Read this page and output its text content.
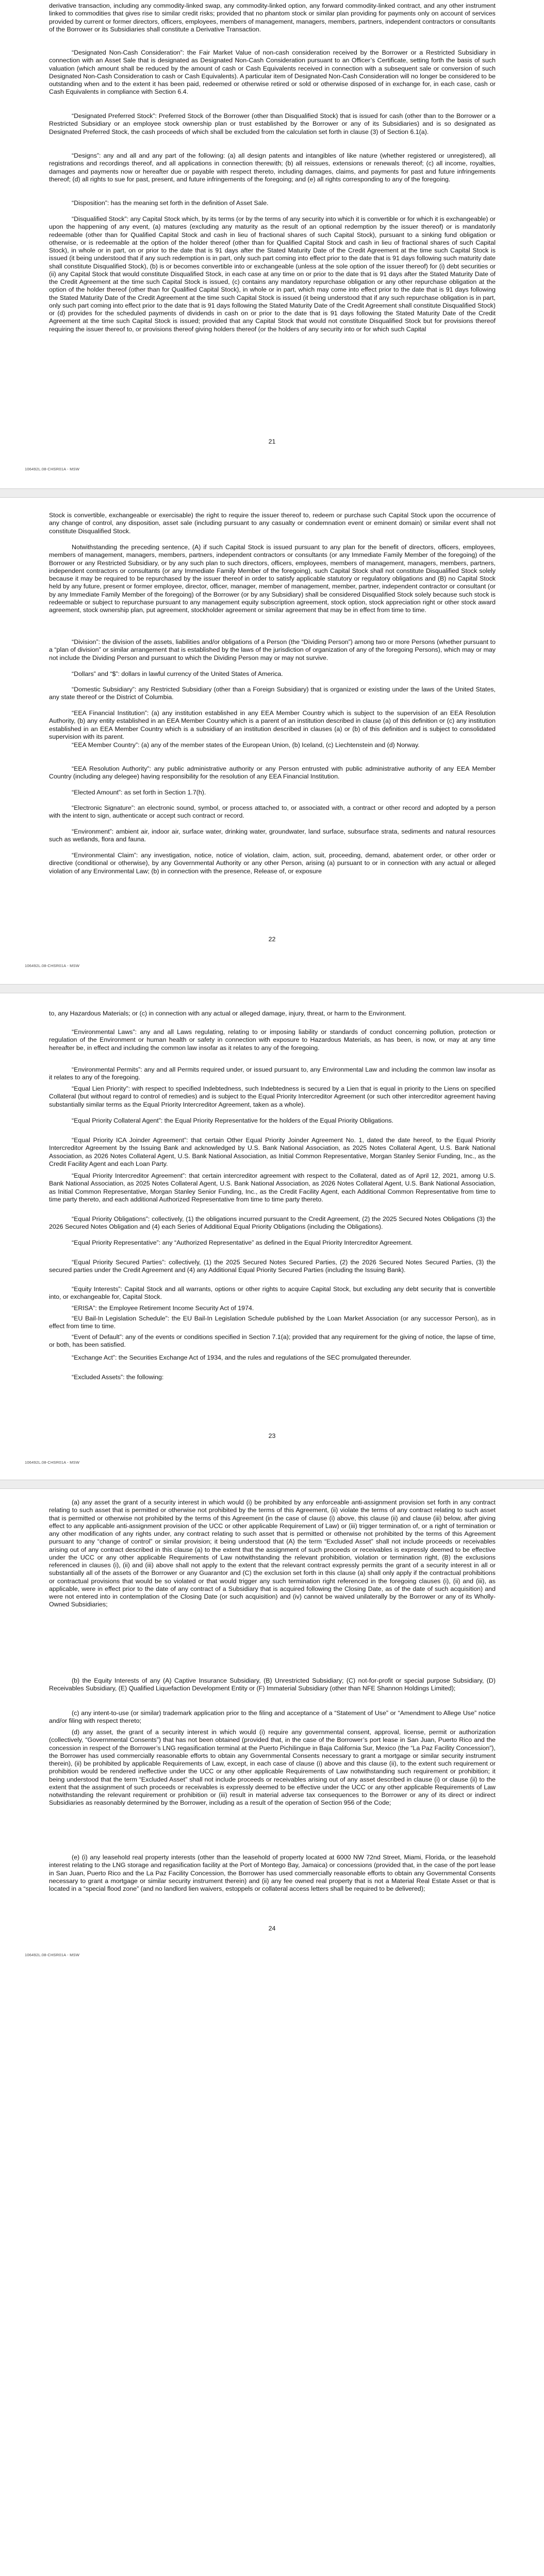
derivative transaction, including any commodity-linked swap, any commodity-linked option, any forward commodity-linked contract, and any other instrument linked to commodities that gives rise to similar credit risks; provided that no phantom stock or similar plan providing for payments only on account of services provided by current or former directors, officers, employees, members of management, managers, members, partners, independent contractors or consultants of the Borrower or its Subsidiaries shall constitute a Derivative Transaction.

“Designated Non-Cash Consideration”: the Fair Market Value of non-cash consideration received by the Borrower or a Restricted Subsidiary in connection with an Asset Sale that is designated as Designated Non-Cash Consideration pursuant to an Officer’s Certificate, setting forth the basis of such valuation (which amount shall be reduced by the amount of cash or Cash Equivalents received in connection with a subsequent sale or conversion of such Designated Non-Cash Consideration to cash or Cash Equivalents). A particular item of Designated Non-Cash Consideration will no longer be considered to be outstanding when and to the extent it has been paid, redeemed or otherwise retired or sold or otherwise disposed of in exchange for, in each case, cash or Cash Equivalents in compliance with Section 6.4.

“Designated Preferred Stock”: Preferred Stock of the Borrower (other than Disqualified Stock) that is issued for cash (other than to the Borrower or a Restricted Subsidiary or an employee stock ownership plan or trust established by the Borrower or any of its Subsidiaries) and is so designated as Designated Preferred Stock, the cash proceeds of which shall be excluded from the calculation set forth in clause (3) of Section 6.1(a).

“Designs”: any and all and any part of the following: (a) all design patents and intangibles of like nature (whether registered or unregistered), all registrations and recordings thereof, and all applications in connection therewith; (b) all reissues, extensions or renewals thereof; (c) all income, royalties, damages and payments now or hereafter due or payable with respect thereto, including damages, claims, and payments for past and future infringements thereof; (d) all rights to sue for past, present, and future infringements of the foregoing; and (e) all rights corresponding to any of the foregoing.

“Disposition”: has the meaning set forth in the definition of Asset Sale.

“Disqualified Stock”: any Capital Stock which, by its terms (or by the terms of any security into which it is convertible or for which it is exchangeable) or upon the happening of any event, (a) matures (excluding any maturity as the result of an optional redemption by the issuer thereof) or is mandatorily redeemable (other than for Qualified Capital Stock and cash in lieu of fractional shares of such Capital Stock), pursuant to a sinking fund obligation or otherwise, or is redeemable at the option of the holder thereof (other than for Qualified Capital Stock and cash in lieu of fractional shares of such Capital Stock), in whole or in part, on or prior to the date that is 91 days after the Stated Maturity Date of the Credit Agreement at the time such Capital Stock is issued (it being understood that if any such redemption is in part, only such part coming into effect prior to the date that is 91 days following such maturity date shall constitute Disqualified Stock), (b) is or becomes convertible into or exchangeable (unless at the sole option of the issuer thereof) for (i) debt securities or (ii) any Capital Stock that would constitute Disqualified Stock, in each case at any time on or prior to the date that is 91 days after the Stated Maturity Date of the Credit Agreement at the time such Capital Stock is issued, (c) contains any mandatory repurchase obligation or any other repurchase obligation at the option of the holder thereof (other than for Qualified Capital Stock), in whole or in part, which may come into effect prior to the date that is 91 days following the Stated Maturity Date of the Credit Agreement at the time such Capital Stock is issued (it being understood that if any such repurchase obligation is in part, only such part coming into effect prior to the date that is 91 days following the Stated Maturity Date of the Credit Agreement shall constitute Disqualified Stock) or (d) provides for the scheduled payments of dividends in cash on or prior to the date that is 91 days following the Stated Maturity Date of the Credit Agreement at the time such Capital Stock is issued; provided that any Capital Stock that would not constitute Disqualified Stock but for provisions thereof requiring the issuer thereof to, or provisions thereof giving holders thereof (or the holders of any security into or for which such Capital

21
106492L.08-CHSR01A - MSW

Stock is convertible, exchangeable or exercisable) the right to require the issuer thereof to, redeem or purchase such Capital Stock upon the occurrence of any change of control, any disposition, asset sale (including pursuant to any casualty or condemnation event or eminent domain) or similar event shall not constitute Disqualified Stock.

Notwithstanding the preceding sentence, (A) if such Capital Stock is issued pursuant to any plan for the benefit of directors, officers, employees, members of management, managers, members, partners, independent contractors or consultants (or any Immediate Family Member of the foregoing) of the Borrower or any Restricted Subsidiary, or by any such plan to such directors, officers, employees, members of management, managers, members, partners, independent contractors or consultants (or any Immediate Family Member of the foregoing), such Capital Stock shall not constitute Disqualified Stock solely because it may be required to be repurchased by the issuer thereof in order to satisfy applicable statutory or regulatory obligations and (B) no Capital Stock held by any future, present or former employee, director, officer, manager, member of management, member, partner, independent contractor or consultant (or by any Immediate Family Member of the foregoing) of the Borrower (or by any Subsidiary) shall be considered Disqualified Stock solely because such stock is redeemable or subject to repurchase pursuant to any management equity subscription agreement, stock option, stock appreciation right or other stock award agreement, stock ownership plan, put agreement, stockholder agreement or similar agreement that may be in effect from time to time.

“Division”: the division of the assets, liabilities and/or obligations of a Person (the “Dividing Person”) among two or more Persons (whether pursuant to a “plan of division” or similar arrangement that is established by the laws of the jurisdiction of organization of any of the foregoing Persons), which may or may not include the Dividing Person and pursuant to which the Dividing Person may or may not survive.

“Dollars” and “$”: dollars in lawful currency of the United States of America.

“Domestic Subsidiary”: any Restricted Subsidiary (other than a Foreign Subsidiary) that is organized or existing under the laws of the United States, any state thereof or the District of Columbia.

“EEA Financial Institution”: (a) any institution established in any EEA Member Country which is subject to the supervision of an EEA Resolution Authority, (b) any entity established in an EEA Member Country which is a parent of an institution described in clause (a) of this definition or (c) any institution established in an EEA Member Country which is a subsidiary of an institution described in clauses (a) or (b) of this definition and is subject to consolidated supervision with its parent.

“EEA Member Country”: (a) any of the member states of the European Union, (b) Iceland, (c) Liechtenstein and (d) Norway.

“EEA Resolution Authority”: any public administrative authority or any Person entrusted with public administrative authority of any EEA Member Country (including any delegee) having responsibility for the resolution of any EEA Financial Institution.

“Elected Amount”: as set forth in Section 1.7(h).

“Electronic Signature”: an electronic sound, symbol, or process attached to, or associated with, a contract or other record and adopted by a person with the intent to sign, authenticate or accept such contract or record.

“Environment”: ambient air, indoor air, surface water, drinking water, groundwater, land surface, subsurface strata, sediments and natural resources such as wetlands, flora and fauna.

“Environmental Claim”: any investigation, notice, notice of violation, claim, action, suit, proceeding, demand, abatement order, or other order or directive (conditional or otherwise), by any Governmental Authority or any other Person, arising (a) pursuant to or in connection with any actual or alleged violation of any Environmental Law; (b) in connection with the presence, Release of, or exposure

22
106492L.08-CHSR01A - MSW

to, any Hazardous Materials; or (c) in connection with any actual or alleged damage, injury, threat, or harm to the Environment.

“Environmental Laws”: any and all Laws regulating, relating to or imposing liability or standards of conduct concerning pollution, protection or regulation of the Environment or human health or safety in connection with exposure to Hazardous Materials, as has been, is now, or may at any time hereafter be, in effect and including the common law insofar as it relates to any of the foregoing.

“Environmental Permits”: any and all Permits required under, or issued pursuant to, any Environmental Law and including the common law insofar as it relates to any of the foregoing.

“Equal Lien Priority”: with respect to specified Indebtedness, such Indebtedness is secured by a Lien that is equal in priority to the Liens on specified Collateral (but without regard to control of remedies) and is subject to the Equal Priority Intercreditor Agreement (or such other intercreditor agreement having substantially similar terms as the Equal Priority Intercreditor Agreement, taken as a whole).

“Equal Priority Collateral Agent”: the Equal Priority Representative for the holders of the Equal Priority Obligations.

“Equal Priority ICA Joinder Agreement”: that certain Other Equal Priority Joinder Agreement No. 1, dated the date hereof, to the Equal Priority Intercreditor Agreement by the Issuing Bank and acknowledged by U.S. Bank National Association, as 2025 Notes Collateral Agent, U.S. Bank National Association, as 2026 Notes Collateral Agent, U.S. Bank National Association, as Initial Common Representative, Morgan Stanley Senior Funding, Inc., as the Credit Facility Agent and each Loan Party.

“Equal Priority Intercreditor Agreement”: that certain intercreditor agreement with respect to the Collateral, dated as of April 12, 2021, among U.S. Bank National Association, as 2025 Notes Collateral Agent, U.S. Bank National Association, as 2026 Notes Collateral Agent, U.S. Bank National Association, as Initial Common Representative, Morgan Stanley Senior Funding, Inc., as the Credit Facility Agent, each Additional Common Representative from time to time party thereto, and each additional Authorized Representative from time to time party thereto.

“Equal Priority Obligations”: collectively, (1) the obligations incurred pursuant to the Credit Agreement, (2) the 2025 Secured Notes Obligations (3) the 2026 Secured Notes Obligation and (4) each Series of Additional Equal Priority Obligations (including the Obligations).

“Equal Priority Representative”: any “Authorized Representative” as defined in the Equal Priority Intercreditor Agreement.

“Equal Priority Secured Parties”: collectively, (1) the 2025 Secured Notes Secured Parties, (2) the 2026 Secured Notes Secured Parties, (3) the secured parties under the Credit Agreement and (4) any Additional Equal Priority Secured Parties (including the Issuing Bank).

“Equity Interests”: Capital Stock and all warrants, options or other rights to acquire Capital Stock, but excluding any debt security that is convertible into, or exchangeable for, Capital Stock.

“ERISA”: the Employee Retirement Income Security Act of 1974.

“EU Bail-In Legislation Schedule”: the EU Bail-In Legislation Schedule published by the Loan Market Association (or any successor Person), as in effect from time to time.

“Event of Default”: any of the events or conditions specified in Section 7.1(a); provided that any requirement for the giving of notice, the lapse of time, or both, has been satisfied.

“Exchange Act”: the Securities Exchange Act of 1934, and the rules and regulations of the SEC promulgated thereunder.

“Excluded Assets”: the following:

23
106492L.08-CHSR01A - MSW

(a) any asset the grant of a security interest in which would (i) be prohibited by any enforceable anti-assignment provision set forth in any contract relating to such asset that is permitted or otherwise not prohibited by the terms of this Agreement, (ii) violate the terms of any contract relating to such asset that is permitted or otherwise not prohibited by the terms of this Agreement (in the case of clause (i) above, this clause (ii) and clause (iii) below, after giving effect to any applicable anti-assignment provision of the UCC or other applicable Requirement of Law) or (iii) trigger termination of, or a right of termination or any other modification of any rights under, any contract relating to such asset that is permitted or otherwise not prohibited by the terms of this Agreement pursuant to any “change of control” or similar provision; it being understood that (A) the term “Excluded Asset” shall not include proceeds or receivables arising out of any contract described in this clause (a) to the extent that the assignment of such proceeds or receivables is expressly deemed to be effective under the UCC or any other applicable Requirements of Law notwithstanding the relevant prohibition, violation or termination right, (B) the exclusions referenced in clauses (i), (ii) and (iii) above shall not apply to the extent that the relevant contract expressly permits the grant of a security interest in all or substantially all of the assets of the Borrower or any Guarantor and (C) the exclusion set forth in this clause (a) shall only apply if the contractual prohibitions or contractual provisions that would be so violated or that would trigger any such termination right referenced in the foregoing clauses (i), (ii) and (iii), as applicable, were in effect prior to the date of any contract of a Subsidiary that is acquired following the Closing Date, as of the date of such acquisition) and were not entered into in contemplation of the Closing Date (or such acquisition) and (iv) cannot be waived unilaterally by the Borrower or any of its Wholly-Owned Subsidiaries;

(b) the Equity Interests of any (A) Captive Insurance Subsidiary, (B) Unrestricted Subsidiary; (C) not-for-profit or special purpose Subsidiary, (D) Receivables Subsidiary, (E) Qualified Liquefaction Development Entity or (F) Immaterial Subsidiary (other than NFE Shannon Holdings Limited);

(c) any intent-to-use (or similar) trademark application prior to the filing and acceptance of a “Statement of Use” or “Amendment to Allege Use” notice and/or filing with respect thereto;

(d) any asset, the grant of a security interest in which would (i) require any governmental consent, approval, license, permit or authorization (collectively, “Governmental Consents”) that has not been obtained (provided that, in the case of the Borrower’s port lease in San Juan, Puerto Rico and the concession in respect of the Borrower’s LNG regasification terminal at the Puerto Pichilingue in Baja California Sur, Mexico (the “La Paz Facility Concession”), the Borrower has used commercially reasonable efforts to obtain any Governmental Consents necessary to grant a mortgage or similar security instrument therein), (ii) be prohibited by applicable Requirements of Law, except, in each case of clause (i) above and this clause (ii), to the extent such requirement or prohibition would be rendered ineffective under the UCC or any other applicable Requirements of Law notwithstanding such requirement or prohibition; it being understood that the term “Excluded Asset” shall not include proceeds or receivables arising out of any asset described in clause (i) or clause (ii) to the extent that the assignment of such proceeds or receivables is expressly deemed to be effective under the UCC or any other applicable Requirements of Law notwithstanding the relevant requirement or prohibition or (iii) result in material adverse tax consequences to the Borrower or any of its direct or indirect Subsidiaries as reasonably determined by the Borrower, including as a result of the operation of Section 956 of the Code;

(e) (i) any leasehold real property interests (other than the leasehold of property located at 6000 NW 72nd Street, Miami, Florida, or the leasehold interest relating to the LNG storage and regasification facility at the Port of Montego Bay, Jamaica) or concessions (provided that, in the case of the port lease in San Juan, Puerto Rico and the La Paz Facility Concession, the Borrower has used commercially reasonable efforts to obtain any Governmental Consents necessary to grant a mortgage or similar security instrument therein) and (ii) any fee owned real property that is not a Material Real Estate Asset or that is located in a “special flood zone” (and no landlord lien waivers, estoppels or collateral access letters shall be required to be delivered);

24
106492L.08-CHSR01A - MSW
